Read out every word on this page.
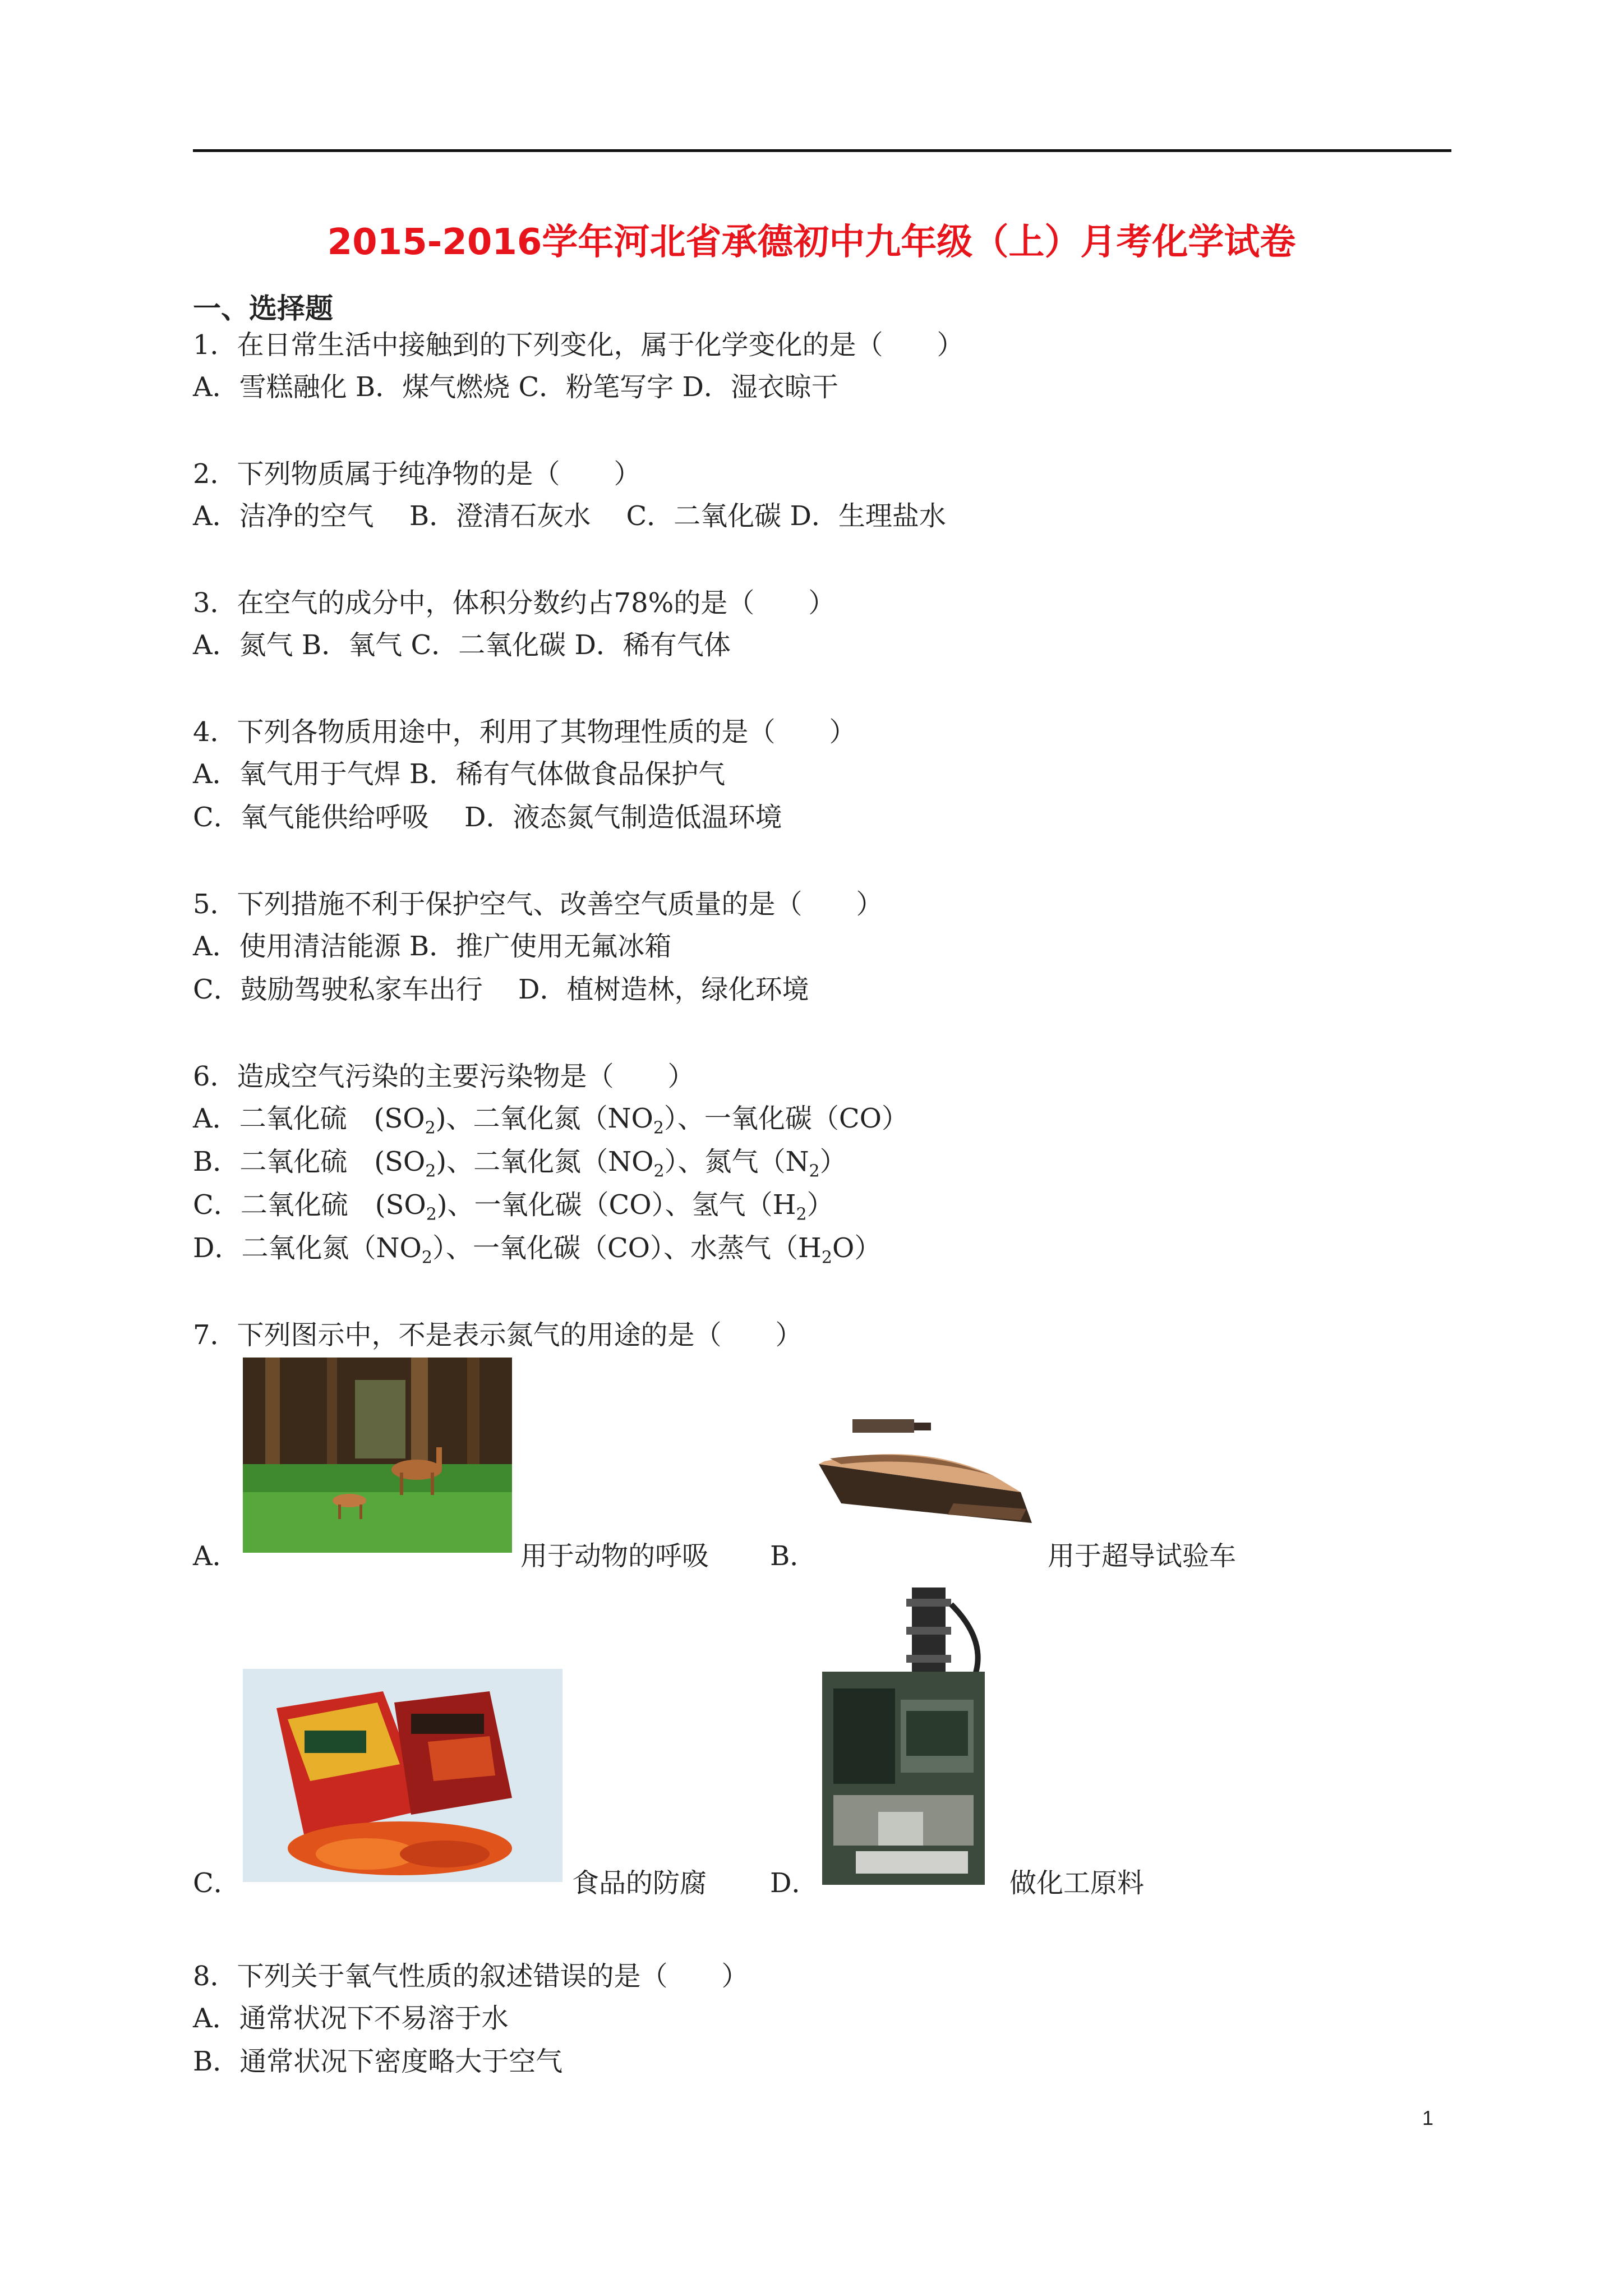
2015-2016学年河北省承德初中九年级（上）月考化学试卷
一、选择题
1．在日常生活中接触到的下列变化，属于化学变化的是（　　）
A．雪糕融化 B．煤气燃烧 C．粉笔写字 D．湿衣晾干
2．下列物质属于纯净物的是（　　）
A．洁净的空气　 B．澄清石灰水　 C．二氧化碳 D．生理盐水
3．在空气的成分中，体积分数约占78%的是（　　）
A．氮气 B．氧气 C．二氧化碳 D．稀有气体
4．下列各物质用途中，利用了其物理性质的是（　　）
A．氧气用于气焊 B．稀有气体做食品保护气
C．氧气能供给呼吸　 D．液态氮气制造低温环境
5．下列措施不利于保护空气、改善空气质量的是（　　）
A．使用清洁能源 B．推广使用无氟冰箱
C．鼓励驾驶私家车出行　 D．植树造林，绿化环境
6．造成空气污染的主要污染物是（　　）
A．二氧化硫　$(SO_2)$、二氧化氮$(NO_2)$、一氧化碳（CO）
B．二氧化硫　$(SO_2)$、二氧化氮$(NO_2)$、氮气$(N_2)$
C．二氧化硫　$(SO_2)$、一氧化碳（CO）、氢气$(H_2)$
D．二氧化氮$(NO_2)$、一氧化碳（CO）、水蒸气$(H_2O)$
7．下列图示中，不是表示氮气的用途的是（　　）
A．	用于动物的呼吸 B．	用于超导试验车
C．	食品的防腐 D．	做化工原料
8．下列关于氧气性质的叙述错误的是（　　）
A．通常状况下不易溶于水
B．通常状况下密度略大于空气
1
